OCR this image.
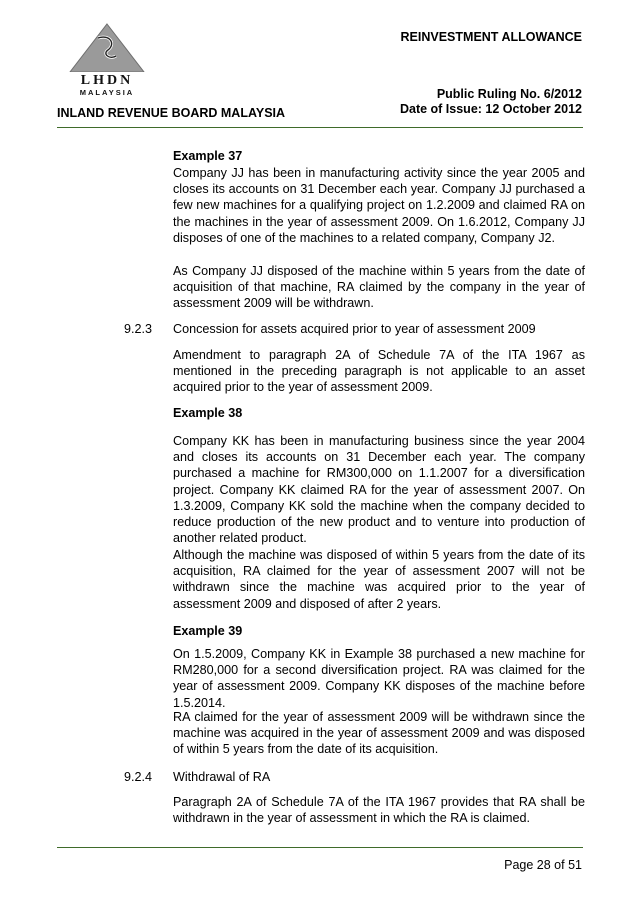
LHDN
MALAYSIA
REINVESTMENT ALLOWANCE
Public Ruling No. 6/2012
Date of Issue: 12 October 2012
INLAND REVENUE BOARD MALAYSIA
Example 37
Company JJ has been in manufacturing activity since the year 2005 and closes its accounts on 31 December each year. Company JJ purchased a few new machines for a qualifying project on 1.2.2009 and claimed RA on the machines in the year of assessment 2009. On 1.6.2012, Company JJ disposes of one of the machines to a related company, Company J2.
As Company JJ disposed of the machine within 5 years from the date of acquisition of that machine, RA claimed by the company in the year of assessment 2009 will be withdrawn.
9.2.3 Concession for assets acquired prior to year of assessment 2009
Amendment to paragraph 2A of Schedule 7A of the ITA 1967 as mentioned in the preceding paragraph is not applicable to an asset acquired prior to the year of assessment 2009.
Example 38
Company KK has been in manufacturing business since the year 2004 and closes its accounts on 31 December each year. The company purchased a machine for RM300,000 on 1.1.2007 for a diversification project. Company KK claimed RA for the year of assessment 2007. On 1.3.2009, Company KK sold the machine when the company decided to reduce production of the new product and to venture into production of another related product.
Although the machine was disposed of within 5 years from the date of its acquisition, RA claimed for the year of assessment 2007 will not be withdrawn since the machine was acquired prior to the year of assessment 2009 and disposed of after 2 years.
Example 39
On 1.5.2009, Company KK in Example 38 purchased a new machine for RM280,000 for a second diversification project. RA was claimed for the year of assessment 2009. Company KK disposes of the machine before 1.5.2014.
RA claimed for the year of assessment 2009 will be withdrawn since the machine was acquired in the year of assessment 2009 and was disposed of within 5 years from the date of its acquisition.
9.2.4 Withdrawal of RA
Paragraph 2A of Schedule 7A of the ITA 1967 provides that RA shall be withdrawn in the year of assessment in which the RA is claimed.
Page 28 of 51
